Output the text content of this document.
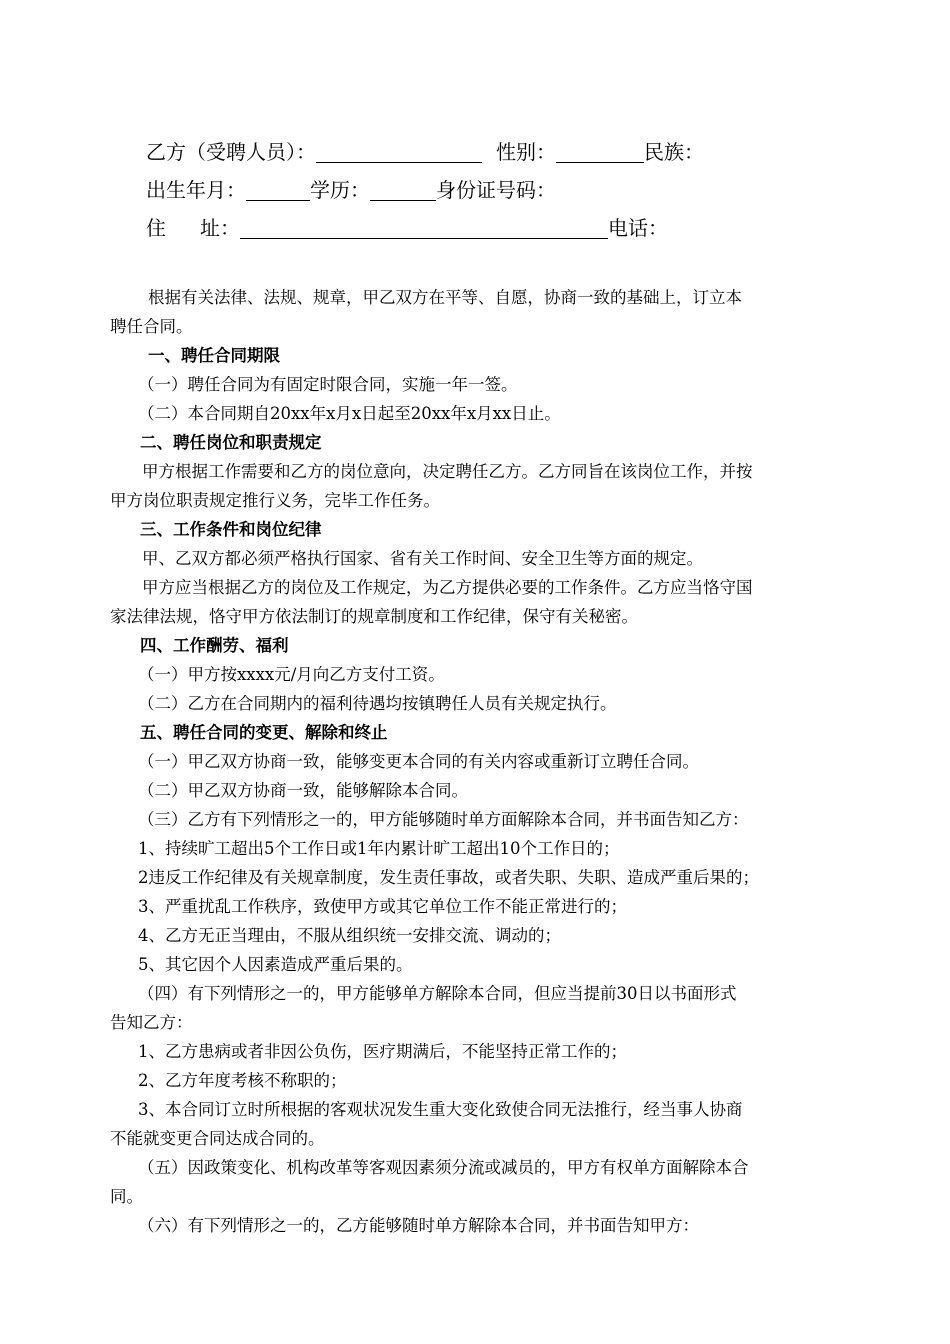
乙方（受聘人员）：	性别：	民族：
出生年月：	学历：	身份证号码：
住 址：	电话：
根据有关法律、法规、规章，甲乙双方在平等、自愿，协商一致的基础上，订立本
聘任合同。
一、聘任合同期限
（一）聘任合同为有固定时限合同，实施一年一签。
（二）本合同期自20xx年x月x日起至20xx年x月xx日止。
二、聘任岗位和职责规定
甲方根据工作需要和乙方的岗位意向，决定聘任乙方。乙方同旨在该岗位工作，并按
甲方岗位职责规定推行义务，完毕工作任务。
三、工作条件和岗位纪律
甲、乙双方都必须严格执行国家、省有关工作时间、安全卫生等方面的规定。
甲方应当根据乙方的岗位及工作规定，为乙方提供必要的工作条件。乙方应当恪守国
家法律法规，恪守甲方依法制订的规章制度和工作纪律，保守有关秘密。
四、工作酬劳、福利
（一）甲方按xxxx元/月向乙方支付工资。
（二）乙方在合同期内的福利待遇均按镇聘任人员有关规定执行。
五、聘任合同的变更、解除和终止
（一）甲乙双方协商一致，能够变更本合同的有关内容或重新订立聘任合同。
（二）甲乙双方协商一致，能够解除本合同。
（三）乙方有下列情形之一的，甲方能够随时单方面解除本合同，并书面告知乙方：
1、持续旷工超出5个工作日或1年内累计旷工超出10个工作日的；
2违反工作纪律及有关规章制度，发生责任事故，或者失职、失职、造成严重后果的；
3、严重扰乱工作秩序，致使甲方或其它单位工作不能正常进行的；
4、乙方无正当理由，不服从组织统一安排交流、调动的；
5、其它因个人因素造成严重后果的。
（四）有下列情形之一的，甲方能够单方解除本合同，但应当提前30日以书面形式
告知乙方：
1、乙方患病或者非因公负伤，医疗期满后，不能坚持正常工作的；
2、乙方年度考核不称职的；
3、本合同订立时所根据的客观状况发生重大变化致使合同无法推行，经当事人协商
不能就变更合同达成合同的。
（五）因政策变化、机构改革等客观因素须分流或减员的，甲方有权单方面解除本合
同。
（六）有下列情形之一的，乙方能够随时单方解除本合同，并书面告知甲方：
